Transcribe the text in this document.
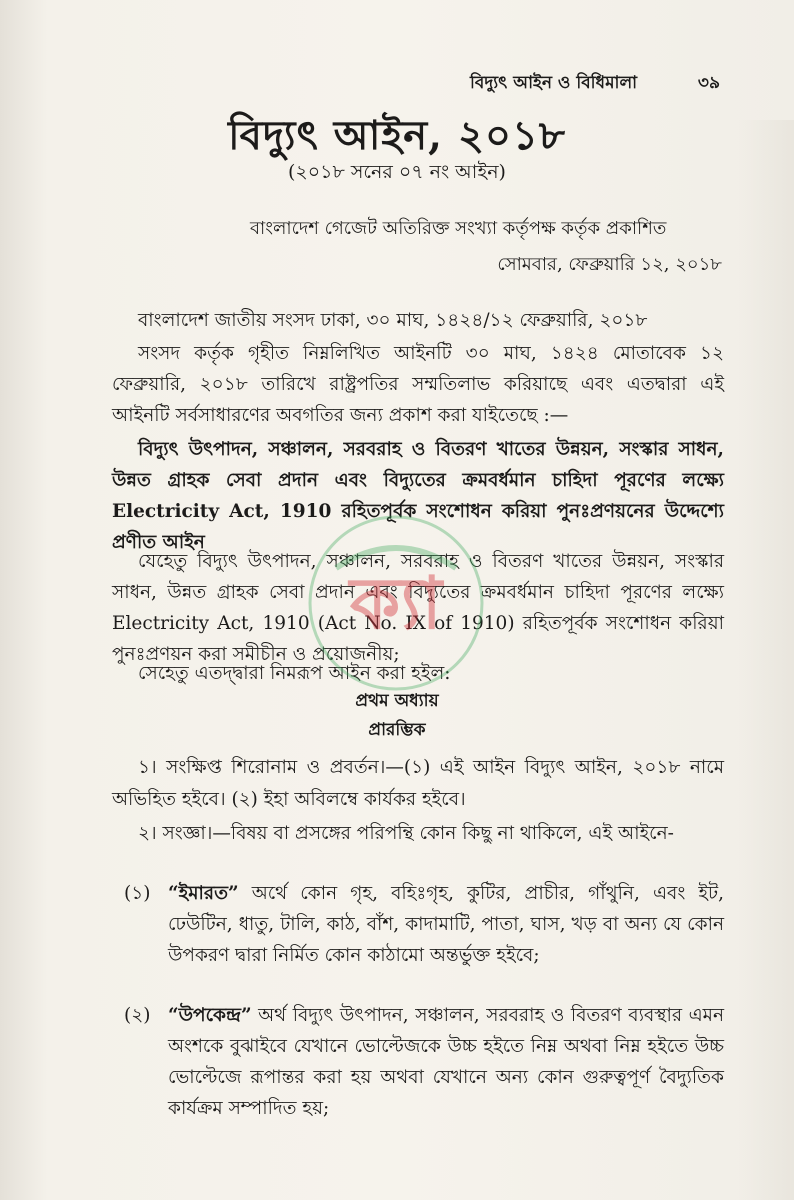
বিদ্যুৎ আইন ও বিধিমালা	৩৯
বিদ্যুৎ আইন, ২০১৮
(২০১৮ সনের ০৭ নং আইন)
বাংলাদেশ গেজেট অতিরিক্ত সংখ্যা কর্তৃপক্ষ কর্তৃক প্রকাশিত
সোমবার, ফেব্রুয়ারি ১২, ২০১৮
বাংলাদেশ জাতীয় সংসদ ঢাকা, ৩০ মাঘ, ১৪২৪/১২ ফেব্রুয়ারি, ২০১৮
সংসদ কর্তৃক গৃহীত নিম্নলিখিত আইনটি ৩০ মাঘ, ১৪২৪ মোতাবেক ১২ ফেব্রুয়ারি, ২০১৮ তারিখে রাষ্ট্রপতির সম্মতিলাভ করিয়াছে এবং এতদ্বারা এই আইনটি সর্বসাধারণের অবগতির জন্য প্রকাশ করা যাইতেছে :—
বিদ্যুৎ উৎপাদন, সঞ্চালন, সরবরাহ ও বিতরণ খাতের উন্নয়ন, সংস্কার সাধন, উন্নত গ্রাহক সেবা প্রদান এবং বিদ্যুতের ক্রমবর্ধমান চাহিদা পূরণের লক্ষ্যে Electricity Act, 1910 রহিতপূর্বক সংশোধন করিয়া পুনঃপ্রণয়নের উদ্দেশ্যে প্রণীত আইন
যেহেতু বিদ্যুৎ উৎপাদন, সঞ্চালন, সরবরাহ ও বিতরণ খাতের উন্নয়ন, সংস্কার সাধন, উন্নত গ্রাহক সেবা প্রদান এবং বিদ্যুতের ক্রমবর্ধমান চাহিদা পূরণের লক্ষ্যে Electricity Act, 1910 (Act No. IX of 1910) রহিতপূর্বক সংশোধন করিয়া পুনঃপ্রণয়ন করা সমীচীন ও প্রয়োজনীয়;
সেহেতু এতদ্দ্বারা নিমরূপ আইন করা হইল:
প্রথম অধ্যায়
প্রারম্ভিক
১। সংক্ষিপ্ত শিরোনাম ও প্রবর্তন।—(১) এই আইন বিদ্যুৎ আইন, ২০১৮ নামে অভিহিত হইবে। (২) ইহা অবিলম্বে কার্যকর হইবে।
২। সংজ্ঞা।—বিষয় বা প্রসঙ্গের পরিপন্থি কোন কিছু না থাকিলে, এই আইনে-
(১) “ইমারত” অর্থে কোন গৃহ, বহিঃগৃহ, কুটির, প্রাচীর, গাঁথুনি, এবং ইট, ঢেউটিন, ধাতু, টালি, কাঠ, বাঁশ, কাদামাটি, পাতা, ঘাস, খড় বা অন্য যে কোন উপকরণ দ্বারা নির্মিত কোন কাঠামো অন্তর্ভুক্ত হইবে;
(২) “উপকেন্দ্র” অর্থ বিদ্যুৎ উৎপাদন, সঞ্চালন, সরবরাহ ও বিতরণ ব্যবস্থার এমন অংশকে বুঝাইবে যেখানে ভোল্টেজকে উচ্চ হইতে নিম্ন অথবা নিম্ন হইতে উচ্চ ভোল্টেজে রূপান্তর করা হয় অথবা যেখানে অন্য কোন গুরুত্বপূর্ণ বৈদ্যুতিক কার্যক্রম সম্পাদিত হয়;
ক্যা
